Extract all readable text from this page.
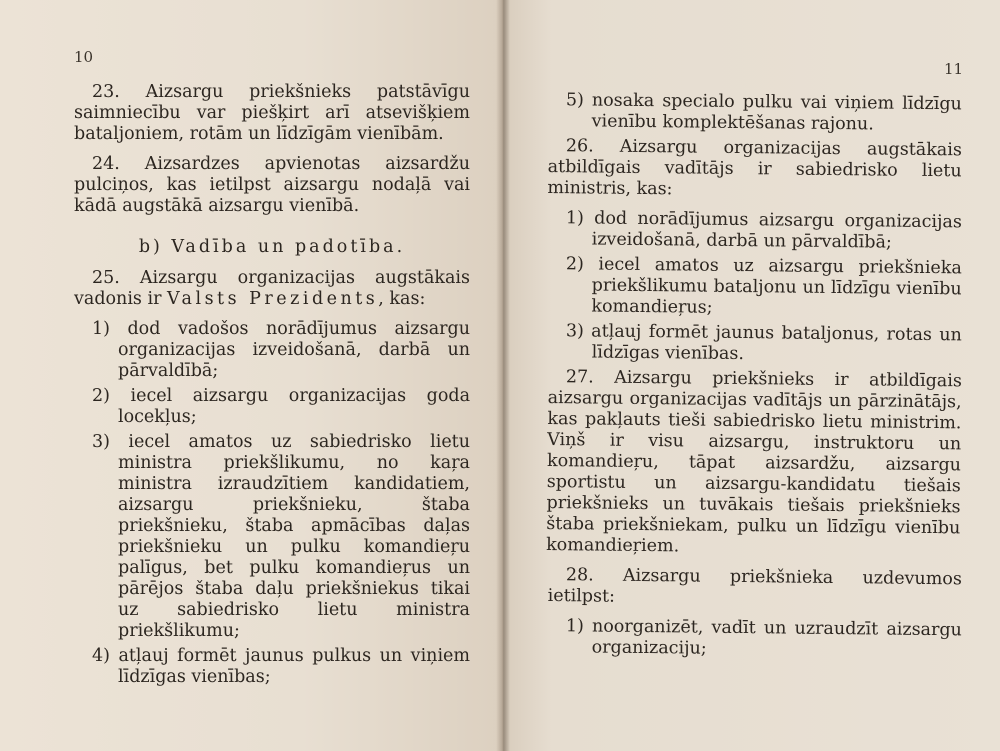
10

23. Aizsargu priekšnieks patstāvīgu saimniecību var piešķirt arī atsevišķiem bataljoniem, rotām un līdzīgām vienībām.

24. Aizsardzes apvienotas aizsardžu pulciņos, kas ietilpst aizsargu nodaļā vai kādā augstākā aizsargu vienībā.

b) Vadība un padotība.

25. Aizsargu organizacijas augstākais vadonis ir Valsts Prezidents, kas:

1) dod vadošos norādījumus aizsargu organizacijas izveidošanā, darbā un pārvaldībā;

2) iecel aizsargu organizacijas goda locekļus;

3) iecel amatos uz sabiedrisko lietu ministra priekšlikumu, no kaŗa ministra izraudzītiem kandidatiem, aizsargu priekšnieku, štaba priekšnieku, štaba apmācības daļas priekšnieku un pulku komandieŗu palīgus, bet pulku komandieŗus un pārējos štaba daļu priekšniekus tikai uz sabiedrisko lietu ministra priekšlikumu;

4) atļauj formēt jaunus pulkus un viņiem līdzīgas vienības;

11

5) nosaka specialo pulku vai viņiem līdzīgu vienību komplektēšanas rajonu.

26. Aizsargu organizacijas augstākais atbildīgais vadītājs ir sabiedrisko lietu ministris, kas:

1) dod norādījumus aizsargu organizacijas izveidošanā, darbā un pārvaldībā;

2) iecel amatos uz aizsargu priekšnieka priekšlikumu bataljonu un līdzīgu vienību komandieŗus;

3) atļauj formēt jaunus bataljonus, rotas un līdzīgas vienības.

27. Aizsargu priekšnieks ir atbildīgais aizsargu organizacijas vadītājs un pārzinātājs, kas pakļauts tieši sabiedrisko lietu ministrim. Viņš ir visu aizsargu, instruktoru un komandieŗu, tāpat aizsardžu, aizsargu sportistu un aizsargu-kandidatu tiešais priekšnieks un tuvākais tiešais priekšnieks štaba priekšniekam, pulku un līdzīgu vienību komandieŗiem.

28. Aizsargu priekšnieka uzdevumos ietilpst:

1) noorganizēt, vadīt un uzraudzīt aizsargu organizaciju;
